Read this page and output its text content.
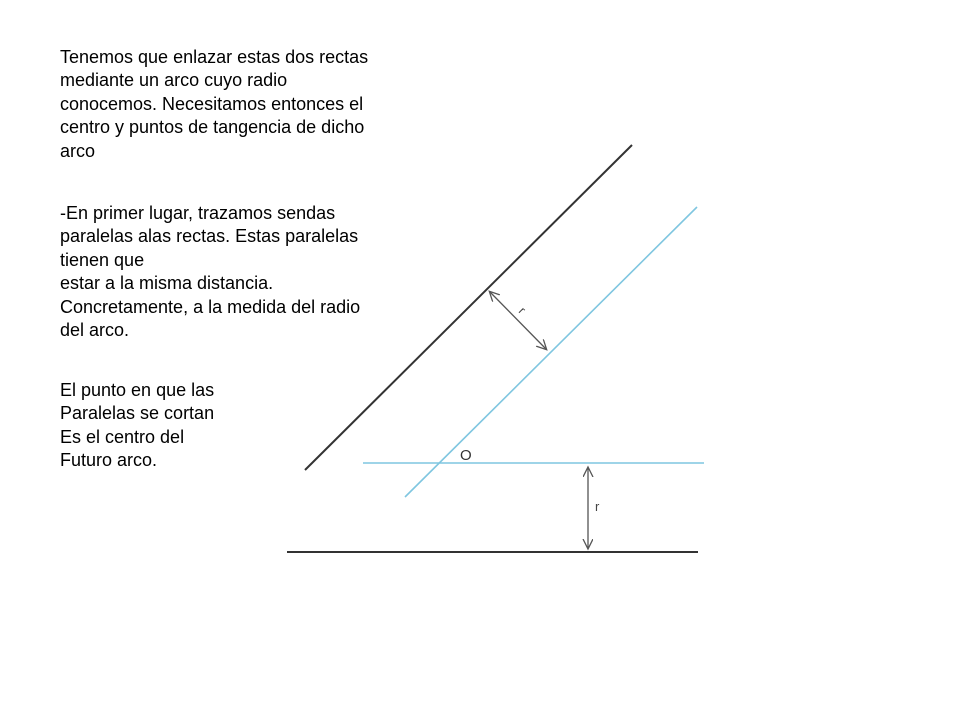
Tenemos que enlazar estas dos rectas
mediante un arco cuyo radio
conocemos. Necesitamos entonces el
centro y puntos de tangencia de dicho
arco
-En primer lugar, trazamos sendas
paralelas alas rectas. Estas paralelas
tienen que
estar a la misma distancia.
Concretamente, a la medida del radio
del arco.
El punto en que las
Paralelas se cortan
Es el centro del
Futuro arco.	O
r
r
